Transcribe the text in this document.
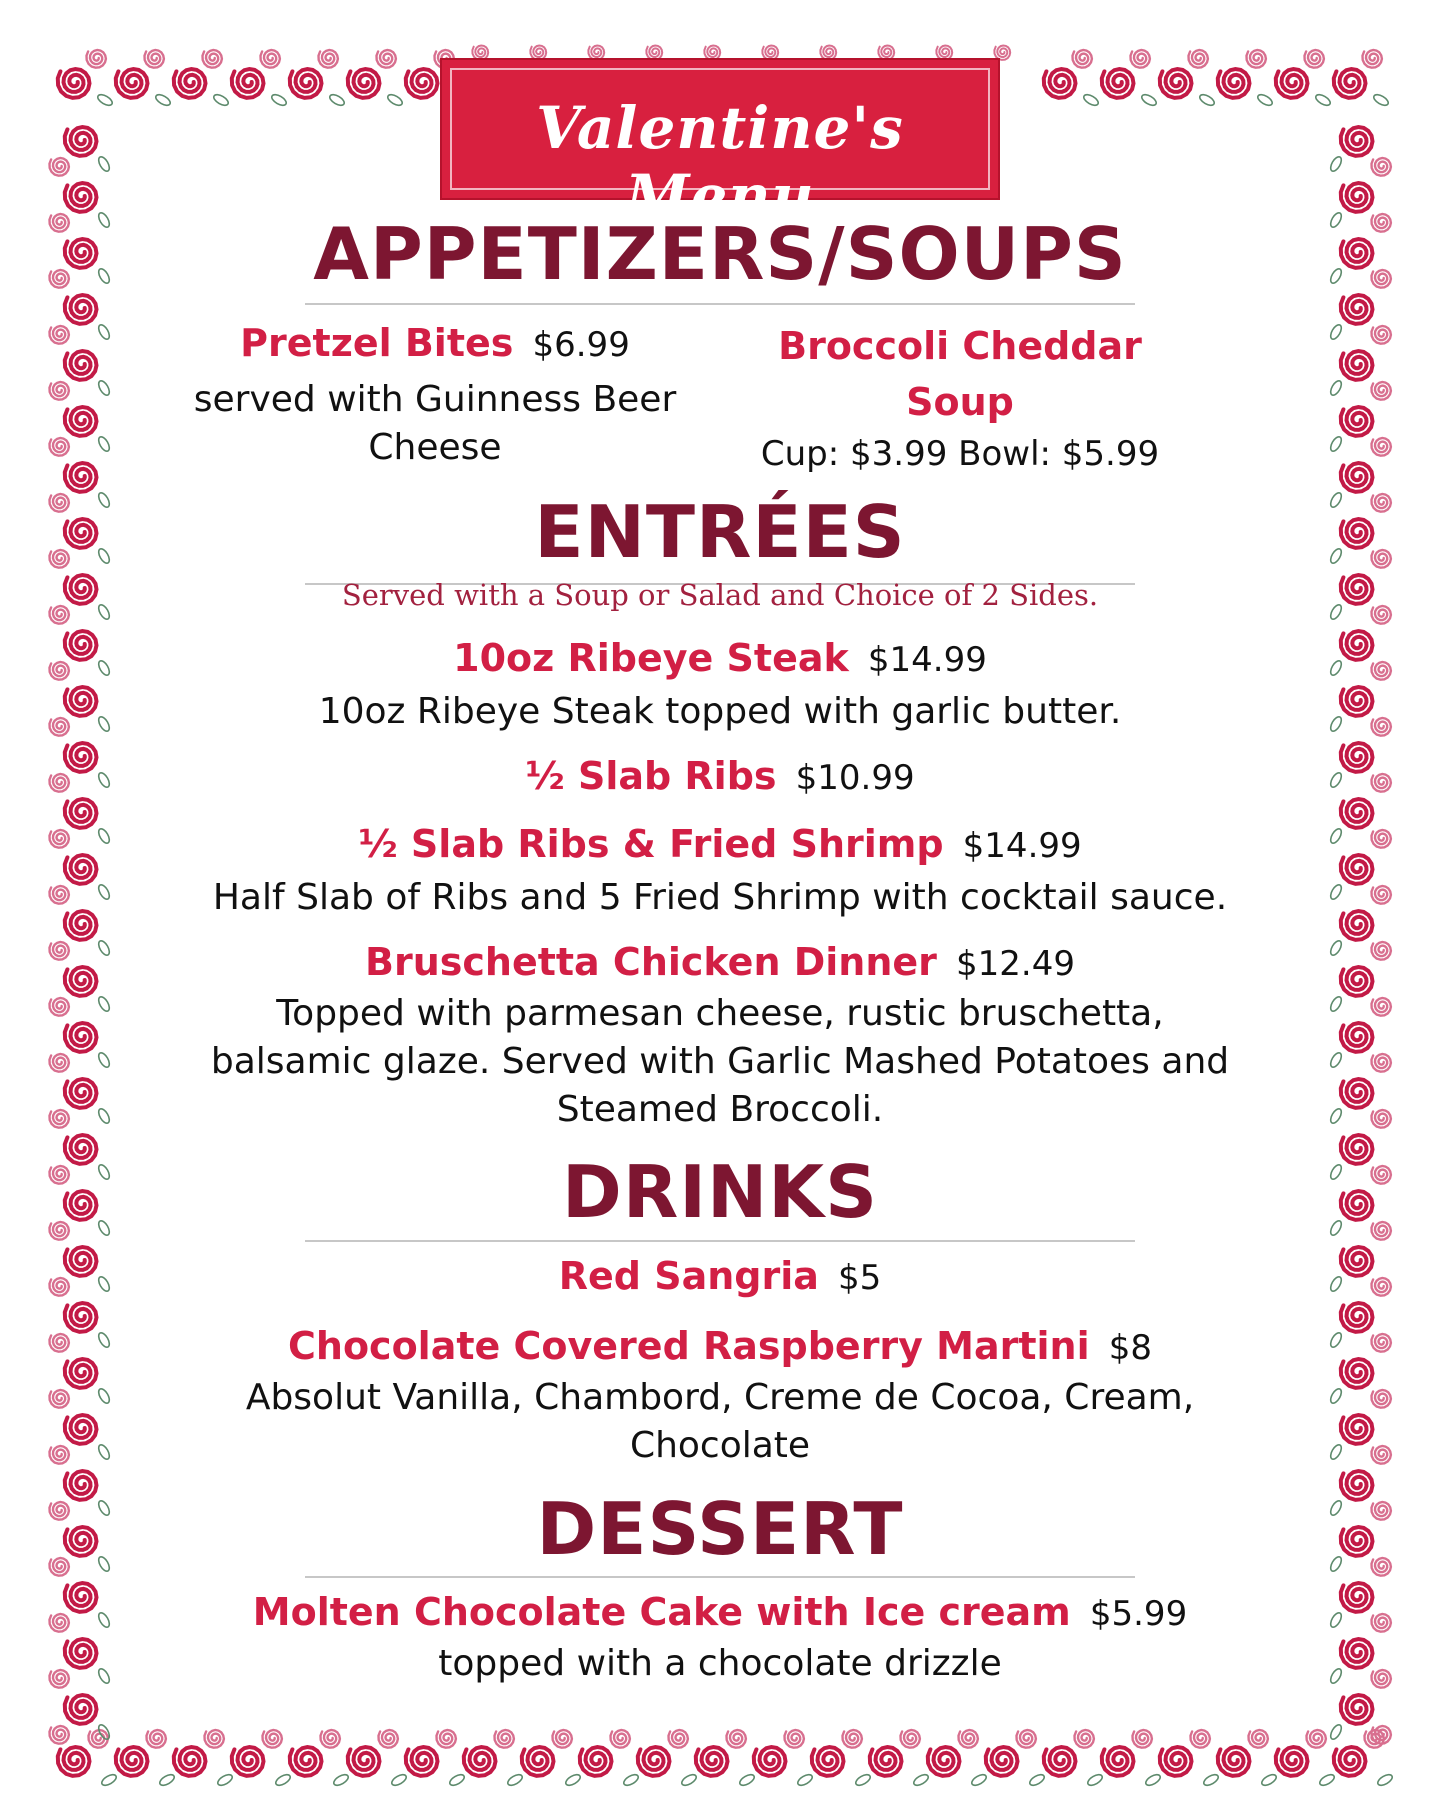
Valentine's Menu
APPETIZERS/SOUPS
Pretzel Bites $6.99
served with Guinness Beer
Cheese
Broccoli Cheddar
Soup
Cup: $3.99 Bowl: $5.99
ENTRÉES
Served with a Soup or Salad and Choice of 2 Sides.
10oz Ribeye Steak $14.99
10oz Ribeye Steak topped with garlic butter.
½ Slab Ribs $10.99
½ Slab Ribs & Fried Shrimp $14.99
Half Slab of Ribs and 5 Fried Shrimp with cocktail sauce.
Bruschetta Chicken Dinner $12.49
Topped with parmesan cheese, rustic bruschetta,
balsamic glaze. Served with Garlic Mashed Potatoes and
Steamed Broccoli.
DRINKS
Red Sangria $5
Chocolate Covered Raspberry Martini $8
Absolut Vanilla, Chambord, Creme de Cocoa, Cream,
Chocolate
DESSERT
Molten Chocolate Cake with Ice cream $5.99
topped with a chocolate drizzle
